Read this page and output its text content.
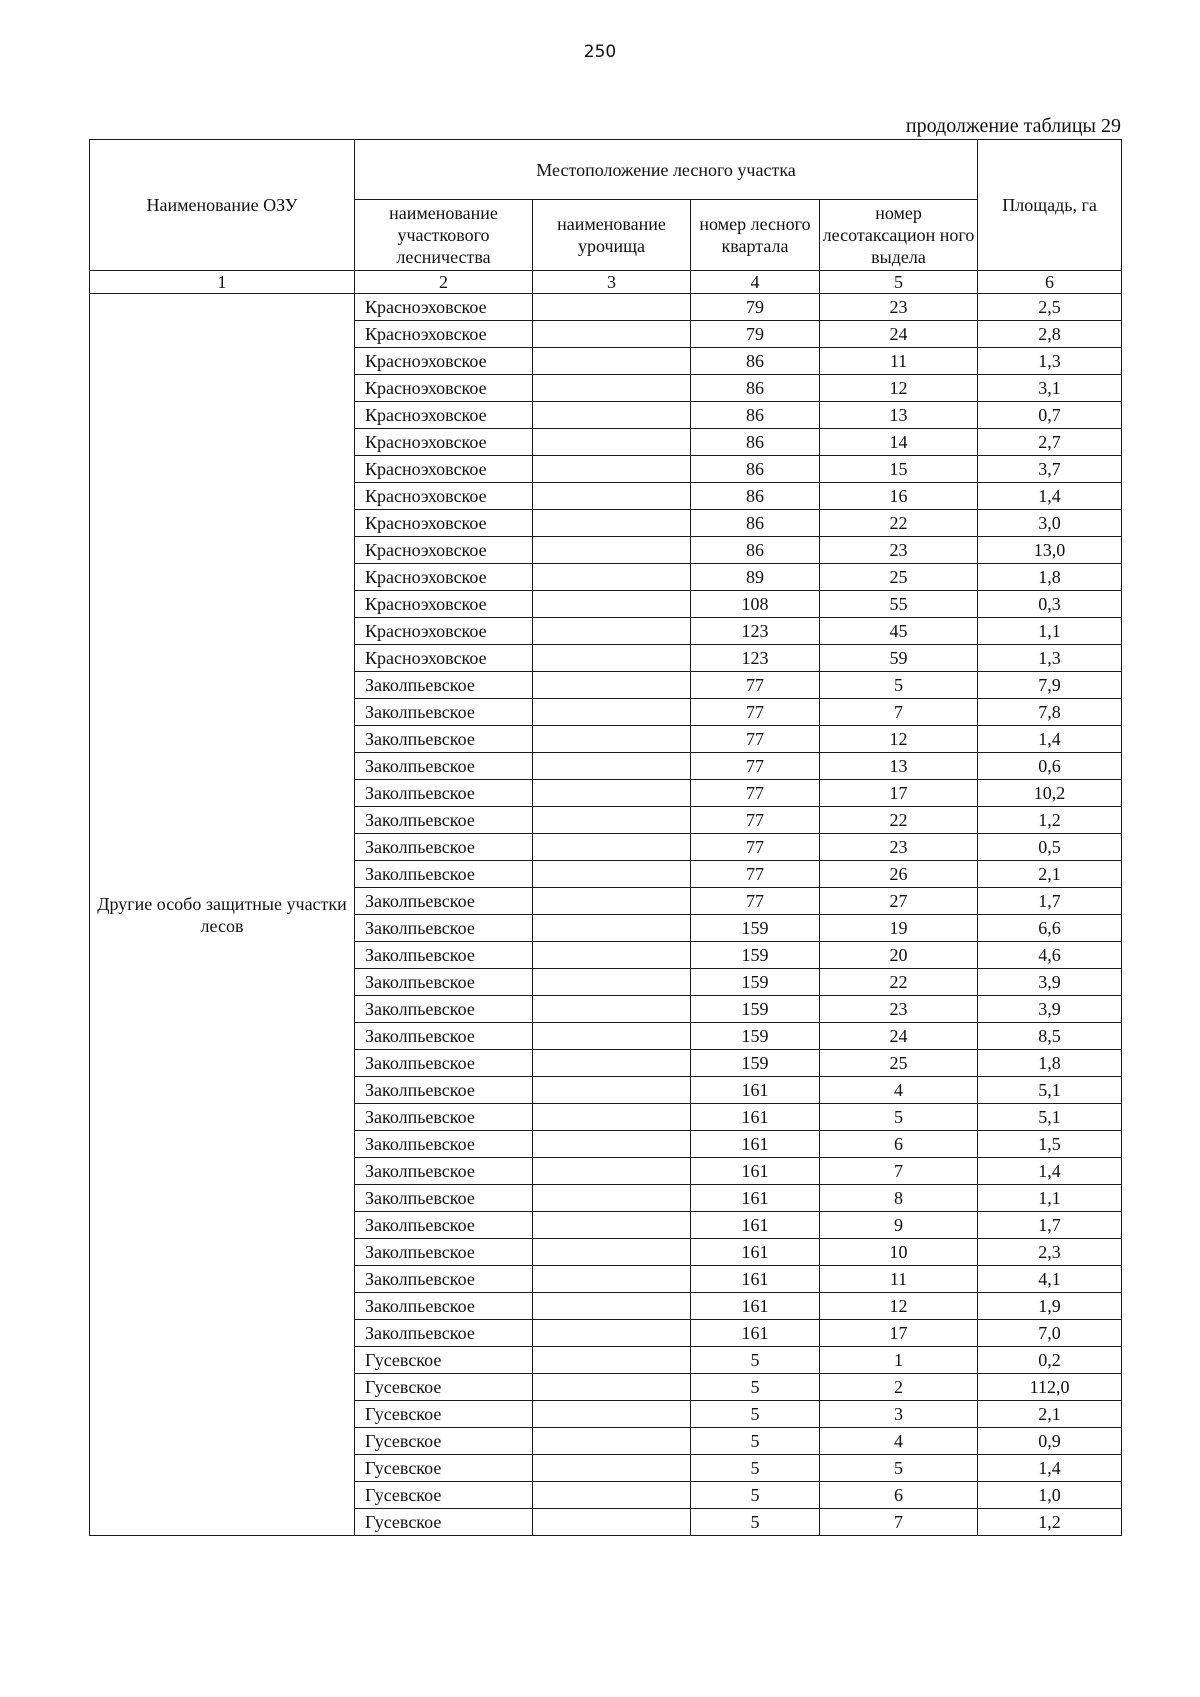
250
продолжение таблицы 29
Наименование ОЗУ	Местоположение лесного участка				Площадь, га
	наименование участкового лесничества	наименование урочища	номер лесного квартала	номер лесотаксацион ного выдела	
1	2	3	4	5	6
Другие особо защитные участки лесов	Красноэховское		79	23	2,5
	Красноэховское		79	24	2,8
	Красноэховское		86	11	1,3
	Красноэховское		86	12	3,1
	Красноэховское		86	13	0,7
	Красноэховское		86	14	2,7
	Красноэховское		86	15	3,7
	Красноэховское		86	16	1,4
	Красноэховское		86	22	3,0
	Красноэховское		86	23	13,0
	Красноэховское		89	25	1,8
	Красноэховское		108	55	0,3
	Красноэховское		123	45	1,1
	Красноэховское		123	59	1,3
	Заколпьевское		77	5	7,9
	Заколпьевское		77	7	7,8
	Заколпьевское		77	12	1,4
	Заколпьевское		77	13	0,6
	Заколпьевское		77	17	10,2
	Заколпьевское		77	22	1,2
	Заколпьевское		77	23	0,5
	Заколпьевское		77	26	2,1
	Заколпьевское		77	27	1,7
	Заколпьевское		159	19	6,6
	Заколпьевское		159	20	4,6
	Заколпьевское		159	22	3,9
	Заколпьевское		159	23	3,9
	Заколпьевское		159	24	8,5
	Заколпьевское		159	25	1,8
	Заколпьевское		161	4	5,1
	Заколпьевское		161	5	5,1
	Заколпьевское		161	6	1,5
	Заколпьевское		161	7	1,4
	Заколпьевское		161	8	1,1
	Заколпьевское		161	9	1,7
	Заколпьевское		161	10	2,3
	Заколпьевское		161	11	4,1
	Заколпьевское		161	12	1,9
	Заколпьевское		161	17	7,0
	Гусевское		5	1	0,2
	Гусевское		5	2	112,0
	Гусевское		5	3	2,1
	Гусевское		5	4	0,9
	Гусевское		5	5	1,4
	Гусевское		5	6	1,0
	Гусевское		5	7	1,2
